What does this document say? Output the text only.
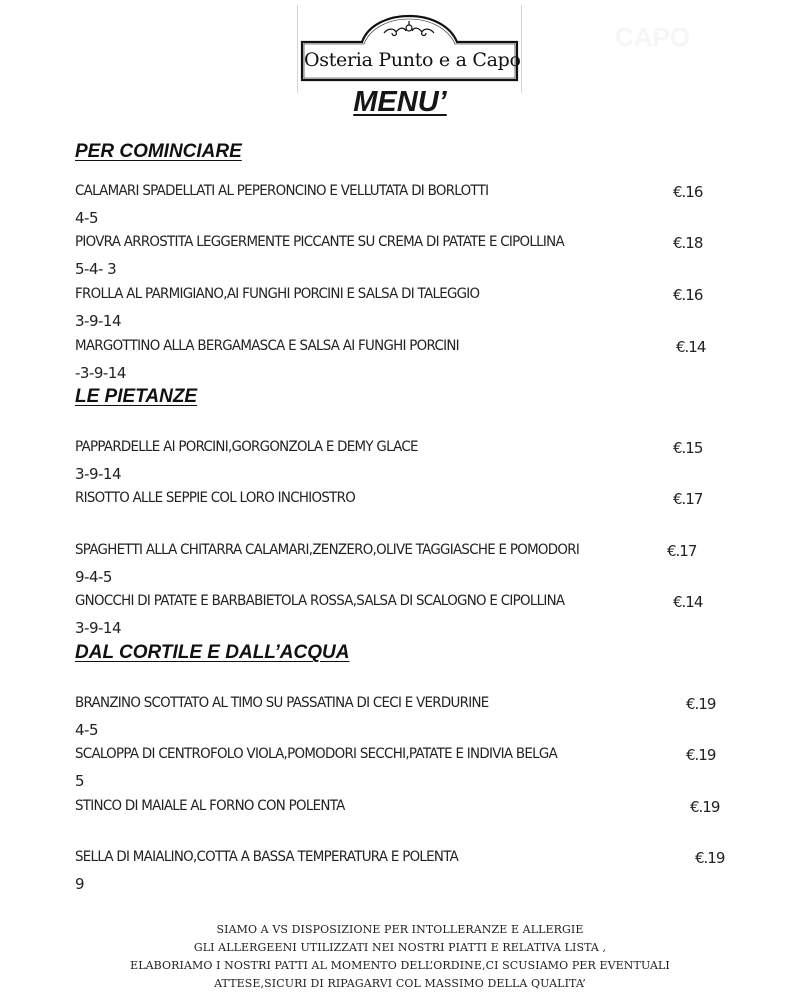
Osteria Punto e a Capo
CAPO
MENU’
PER COMINCIARE
CALAMARI SPADELLATI AL PEPERONCINO E VELLUTATA DI BORLOTTI	€.16
4-5
PIOVRA ARROSTITA LEGGERMENTE PICCANTE SU CREMA DI PATATE E CIPOLLINA	€.18
5-4- 3
FROLLA AL PARMIGIANO,AI FUNGHI PORCINI E SALSA DI TALEGGIO	€.16
3-9-14
MARGOTTINO ALLA BERGAMASCA E SALSA AI FUNGHI PORCINI	€.14
-3-9-14
LE PIETANZE
PAPPARDELLE AI PORCINI,GORGONZOLA E DEMY GLACE	€.15
3-9-14
RISOTTO ALLE SEPPIE COL LORO INCHIOSTRO	€.17
SPAGHETTI ALLA CHITARRA CALAMARI,ZENZERO,OLIVE TAGGIASCHE E POMODORI	€.17
9-4-5
GNOCCHI DI PATATE E BARBABIETOLA ROSSA,SALSA DI SCALOGNO E CIPOLLINA	€.14
3-9-14
DAL CORTILE E DALL’ACQUA
BRANZINO SCOTTATO AL TIMO SU PASSATINA DI CECI E VERDURINE	€.19
4-5
SCALOPPA DI CENTROFOLO VIOLA,POMODORI SECCHI,PATATE E INDIVIA BELGA	€.19
5
STINCO DI MAIALE AL FORNO CON POLENTA	€.19
SELLA DI MAIALINO,COTTA A BASSA TEMPERATURA E POLENTA	€.19
9
SIAMO A VS DISPOSIZIONE PER INTOLLERANZE E ALLERGIE
GLI ALLERGEENI UTILIZZATI NEI NOSTRI PIATTI E RELATIVA LISTA ,
ELABORIAMO I NOSTRI PATTI AL MOMENTO DELL’ORDINE,CI SCUSIAMO PER EVENTUALI
ATTESE,SICURI DI RIPAGARVI COL MASSIMO DELLA QUALITA’
